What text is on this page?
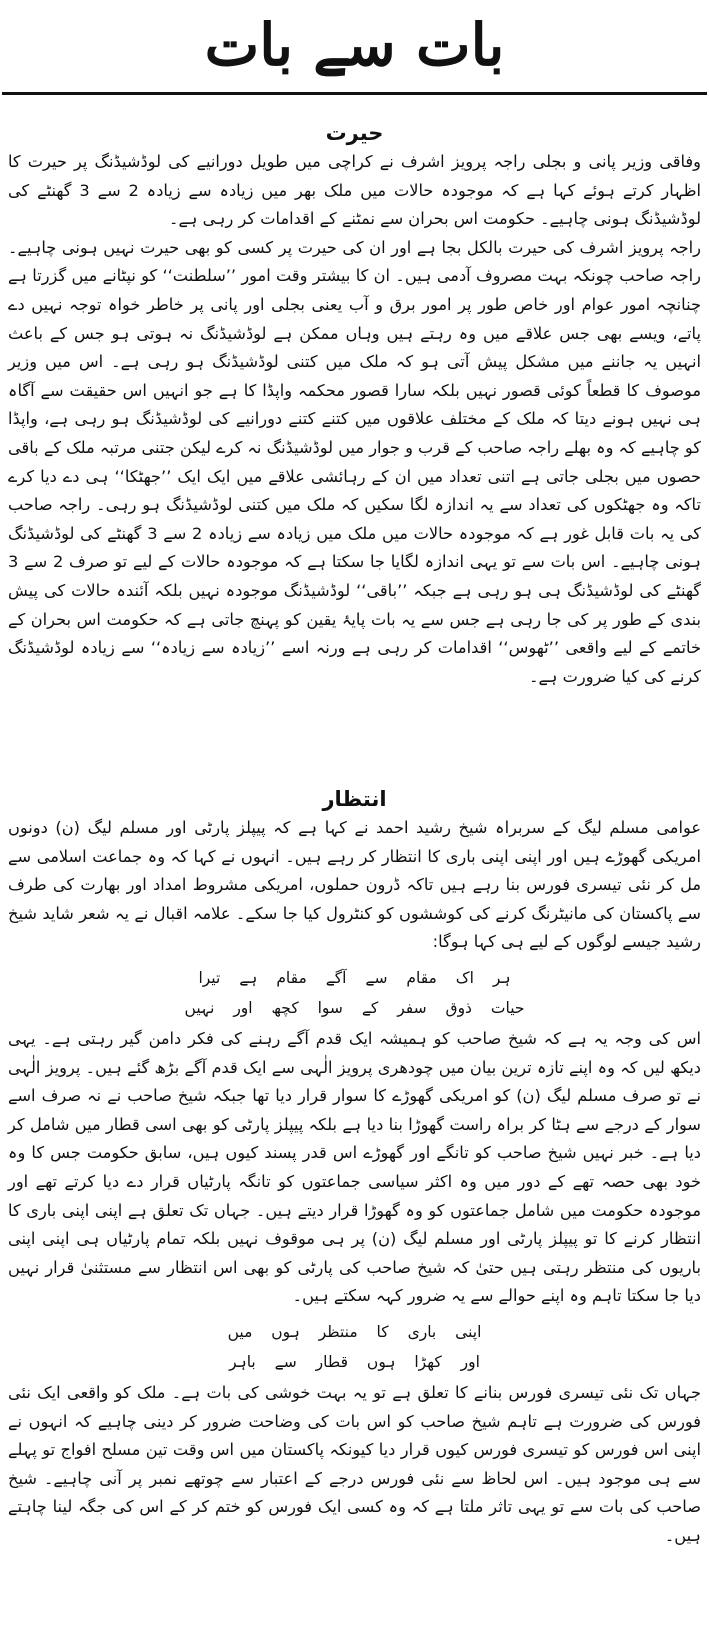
بات سے بات
حیرت

وفاقی وزیر پانی و بجلی راجہ پرویز اشرف نے کراچی میں طویل دورانیے کی لوڈشیڈنگ پر حیرت کا اظہار کرتے ہوئے کہا ہے کہ موجودہ حالات میں ملک بھر میں زیادہ سے زیادہ 2 سے 3 گھنٹے کی لوڈشیڈنگ ہونی چاہیے۔ حکومت اس بحران سے نمٹنے کے اقدامات کر رہی ہے۔

راجہ پرویز اشرف کی حیرت بالکل بجا ہے اور ان کی حیرت پر کسی کو بھی حیرت نہیں ہونی چاہیے۔ راجہ صاحب چونکہ بہت مصروف آدمی ہیں۔ ان کا بیشتر وقت امور ’’سلطنت‘‘ کو نپٹانے میں گزرتا ہے چنانچہ امور عوام اور خاص طور پر امور برق و آب یعنی بجلی اور پانی پر خاطر خواہ توجہ نہیں دے پاتے، ویسے بھی جس علاقے میں وہ رہتے ہیں وہاں ممکن ہے لوڈشیڈنگ نہ ہوتی ہو جس کے باعث انہیں یہ جاننے میں مشکل پیش آتی ہو کہ ملک میں کتنی لوڈشیڈنگ ہو رہی ہے۔ اس میں وزیر موصوف کا قطعاً کوئی قصور نہیں بلکہ سارا قصور محکمہ واپڈا کا ہے جو انہیں اس حقیقت سے آگاہ ہی نہیں ہونے دیتا کہ ملک کے مختلف علاقوں میں کتنے کتنے دورانیے کی لوڈشیڈنگ ہو رہی ہے، واپڈا کو چاہیے کہ وہ بھلے راجہ صاحب کے قرب و جوار میں لوڈشیڈنگ نہ کرے لیکن جتنی مرتبہ ملک کے باقی حصوں میں بجلی جاتی ہے اتنی تعداد میں ان کے رہائشی علاقے میں ایک ایک ’’جھٹکا‘‘ ہی دے دیا کرے تاکہ وہ جھٹکوں کی تعداد سے یہ اندازہ لگا سکیں کہ ملک میں کتنی لوڈشیڈنگ ہو رہی۔ راجہ صاحب کی یہ بات قابل غور ہے کہ موجودہ حالات میں ملک میں زیادہ سے زیادہ 2 سے 3 گھنٹے کی لوڈشیڈنگ ہونی چاہیے۔ اس بات سے تو یہی اندازہ لگایا جا سکتا ہے کہ موجودہ حالات کے لیے تو صرف 2 سے 3 گھنٹے کی لوڈشیڈنگ ہی ہو رہی ہے جبکہ ’’باقی‘‘ لوڈشیڈنگ موجودہ نہیں بلکہ آئندہ حالات کی پیش بندی کے طور پر کی جا رہی ہے جس سے یہ بات پایۂ یقین کو پہنچ جاتی ہے کہ حکومت اس بحران کے خاتمے کے لیے واقعی ’’ٹھوس‘‘ اقدامات کر رہی ہے ورنہ اسے ’’زیادہ سے زیادہ‘‘ سے زیادہ لوڈشیڈنگ کرنے کی کیا ضرورت ہے۔

انتظار

عوامی مسلم لیگ کے سربراہ شیخ رشید احمد نے کہا ہے کہ پیپلز پارٹی اور مسلم لیگ (ن) دونوں امریکی گھوڑے ہیں اور اپنی اپنی باری کا انتظار کر رہے ہیں۔ انہوں نے کہا کہ وہ جماعت اسلامی سے مل کر نئی تیسری فورس بنا رہے ہیں تاکہ ڈرون حملوں، امریکی مشروط امداد اور بھارت کی طرف سے پاکستان کی مانیٹرنگ کرنے کی کوششوں کو کنٹرول کیا جا سکے۔ علامہ اقبال نے یہ شعر شاید شیخ رشید جیسے لوگوں کے لیے ہی کہا ہوگا:

ہر اک مقام سے آگے مقام ہے تیرا

حیات ذوق سفر کے سوا کچھ اور نہیں

اس کی وجہ یہ ہے کہ شیخ صاحب کو ہمیشہ ایک قدم آگے رہنے کی فکر دامن گیر رہتی ہے۔ یہی دیکھ لیں کہ وہ اپنے تازہ ترین بیان میں چودھری پرویز الٰہی سے ایک قدم آگے بڑھ گئے ہیں۔ پرویز الٰہی نے تو صرف مسلم لیگ (ن) کو امریکی گھوڑے کا سوار قرار دیا تھا جبکہ شیخ صاحب نے نہ صرف اسے سوار کے درجے سے ہٹا کر براہ راست گھوڑا بنا دیا ہے بلکہ پیپلز پارٹی کو بھی اسی قطار میں شامل کر دیا ہے۔ خبر نہیں شیخ صاحب کو تانگے اور گھوڑے اس قدر پسند کیوں ہیں، سابق حکومت جس کا وہ خود بھی حصہ تھے کے دور میں وہ اکثر سیاسی جماعتوں کو تانگہ پارٹیاں قرار دے دیا کرتے تھے اور موجودہ حکومت میں شامل جماعتوں کو وہ گھوڑا قرار دیتے ہیں۔ جہاں تک تعلق ہے اپنی اپنی باری کا انتظار کرنے کا تو پیپلز پارٹی اور مسلم لیگ (ن) پر ہی موقوف نہیں بلکہ تمام پارٹیاں ہی اپنی اپنی باریوں کی منتظر رہتی ہیں حتیٰ کہ شیخ صاحب کی پارٹی کو بھی اس انتظار سے مستثنیٰ قرار نہیں دیا جا سکتا تاہم وہ اپنے حوالے سے یہ ضرور کہہ سکتے ہیں۔

اپنی باری کا منتظر ہوں میں

اور کھڑا ہوں قطار سے باہر

جہاں تک نئی تیسری فورس بنانے کا تعلق ہے تو یہ بہت خوشی کی بات ہے۔ ملک کو واقعی ایک نئی فورس کی ضرورت ہے تاہم شیخ صاحب کو اس بات کی وضاحت ضرور کر دینی چاہیے کہ انہوں نے اپنی اس فورس کو تیسری فورس کیوں قرار دیا کیونکہ پاکستان میں اس وقت تین مسلح افواج تو پہلے سے ہی موجود ہیں۔ اس لحاظ سے نئی فورس درجے کے اعتبار سے چوتھے نمبر پر آنی چاہیے۔ شیخ صاحب کی بات سے تو یہی تاثر ملتا ہے کہ وہ کسی ایک فورس کو ختم کر کے اس کی جگہ لینا چاہتے ہیں۔
